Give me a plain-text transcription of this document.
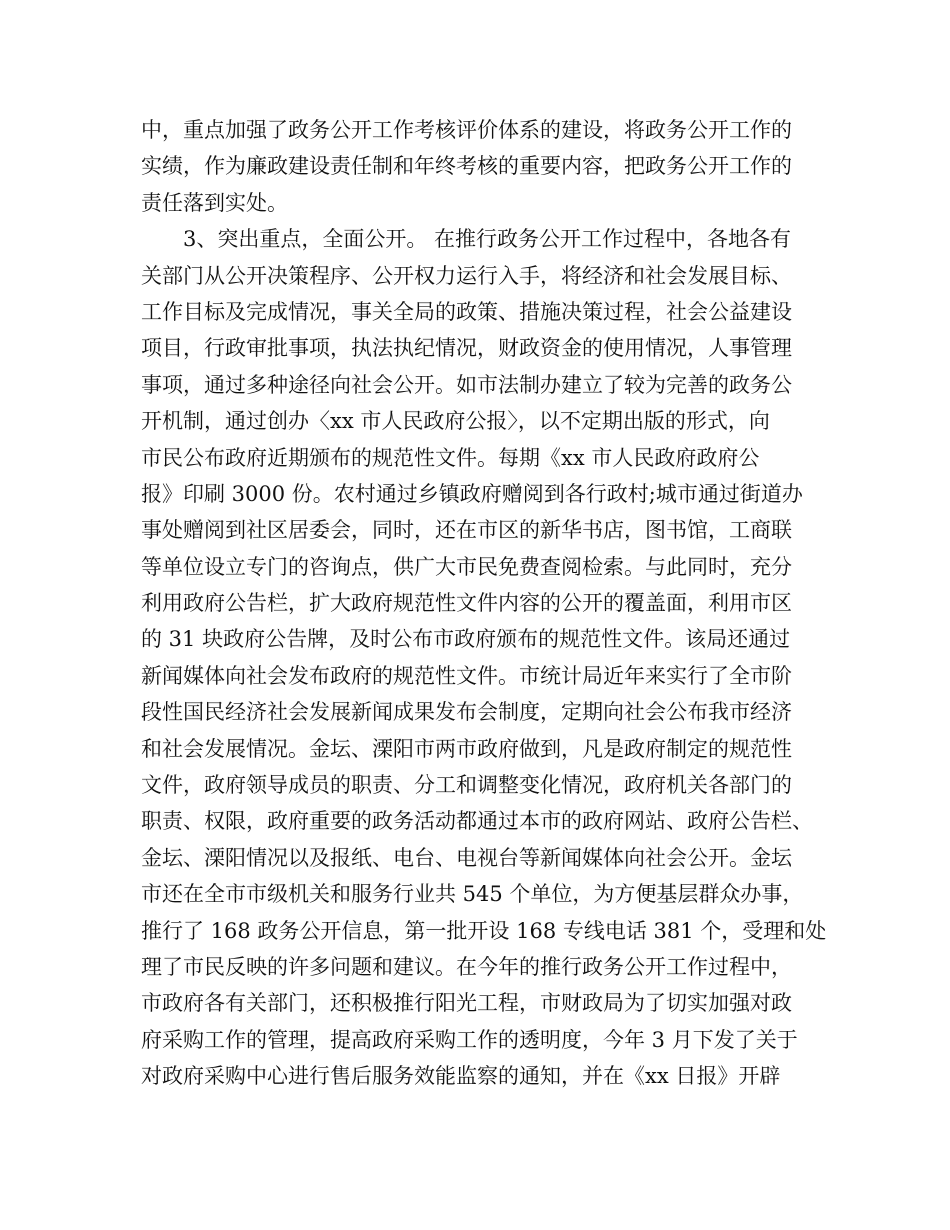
中，重点加强了政务公开工作考核评价体系的建设，将政务公开工作的
实绩，作为廉政建设责任制和年终考核的重要内容，把政务公开工作的
责任落到实处。
3、突出重点，全面公开。 在推行政务公开工作过程中，各地各有
关部门从公开决策程序、公开权力运行入手，将经济和社会发展目标、
工作目标及完成情况，事关全局的政策、措施决策过程，社会公益建设
项目，行政审批事项，执法执纪情况，财政资金的使用情况，人事管理
事项，通过多种途径向社会公开。如市法制办建立了较为完善的政务公
开机制，通过创办〈xx 市人民政府公报〉，以不定期出版的形式，向
市民公布政府近期颁布的规范性文件。每期《xx 市人民政府政府公
报》印刷 3000 份。农村通过乡镇政府赠阅到各行政村;城市通过街道办
事处赠阅到社区居委会，同时，还在市区的新华书店，图书馆，工商联
等单位设立专门的咨询点，供广大市民免费查阅检索。与此同时，充分
利用政府公告栏，扩大政府规范性文件内容的公开的覆盖面，利用市区
的 31 块政府公告牌，及时公布市政府颁布的规范性文件。该局还通过
新闻媒体向社会发布政府的规范性文件。市统计局近年来实行了全市阶
段性国民经济社会发展新闻成果发布会制度，定期向社会公布我市经济
和社会发展情况。金坛、溧阳市两市政府做到，凡是政府制定的规范性
文件，政府领导成员的职责、分工和调整变化情况，政府机关各部门的
职责、权限，政府重要的政务活动都通过本市的政府网站、政府公告栏、
金坛、溧阳情况以及报纸、电台、电视台等新闻媒体向社会公开。金坛
市还在全市市级机关和服务行业共 545 个单位，为方便基层群众办事，
推行了 168 政务公开信息，第一批开设 168 专线电话 381 个，受理和处
理了市民反映的许多问题和建议。在今年的推行政务公开工作过程中，
市政府各有关部门，还积极推行阳光工程，市财政局为了切实加强对政
府采购工作的管理，提高政府采购工作的透明度，今年 3 月下发了关于
对政府采购中心进行售后服务效能监察的通知，并在《xx 日报》开辟
